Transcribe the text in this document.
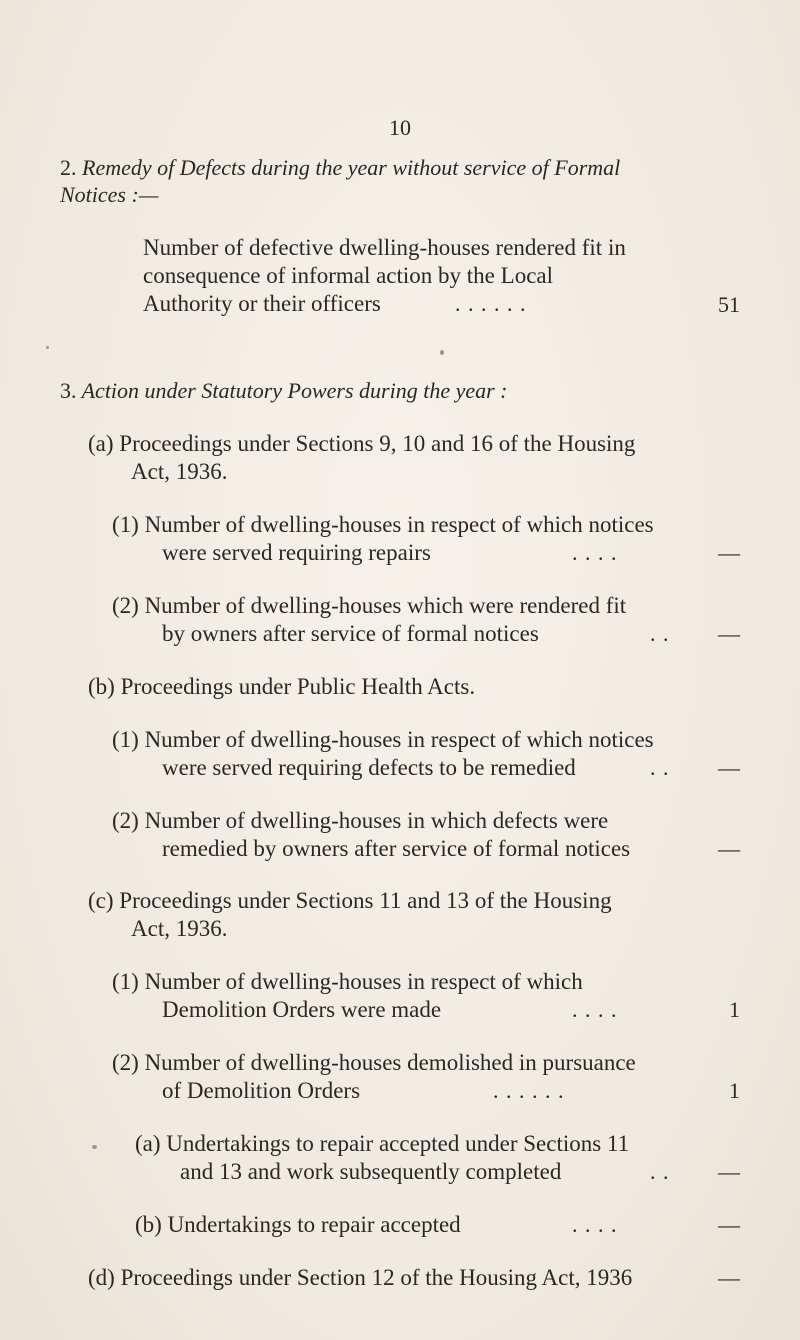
10
2. Remedy of Defects during the year without service of Formal
Notices :—
Number of defective dwelling-houses rendered fit in
consequence of informal action by the Local
Authority or their officers	. . . . . .	51
3. Action under Statutory Powers during the year :
(a) Proceedings under Sections 9, 10 and 16 of the Housing
Act, 1936.
(1) Number of dwelling-houses in respect of which notices
were served requiring repairs	. . . .	—
(2) Number of dwelling-houses which were rendered fit
by owners after service of formal notices	. .	—
(b) Proceedings under Public Health Acts.
(1) Number of dwelling-houses in respect of which notices
were served requiring defects to be remedied	. .	—
(2) Number of dwelling-houses in which defects were
remedied by owners after service of formal notices	—
(c) Proceedings under Sections 11 and 13 of the Housing
Act, 1936.
(1) Number of dwelling-houses in respect of which
Demolition Orders were made	. . . .	1
(2) Number of dwelling-houses demolished in pursuance
of Demolition Orders	. . . . . .	1
(a) Undertakings to repair accepted under Sections 11
and 13 and work subsequently completed	. .	—
(b) Undertakings to repair accepted	. . . .	—
(d) Proceedings under Section 12 of the Housing Act, 1936	—
